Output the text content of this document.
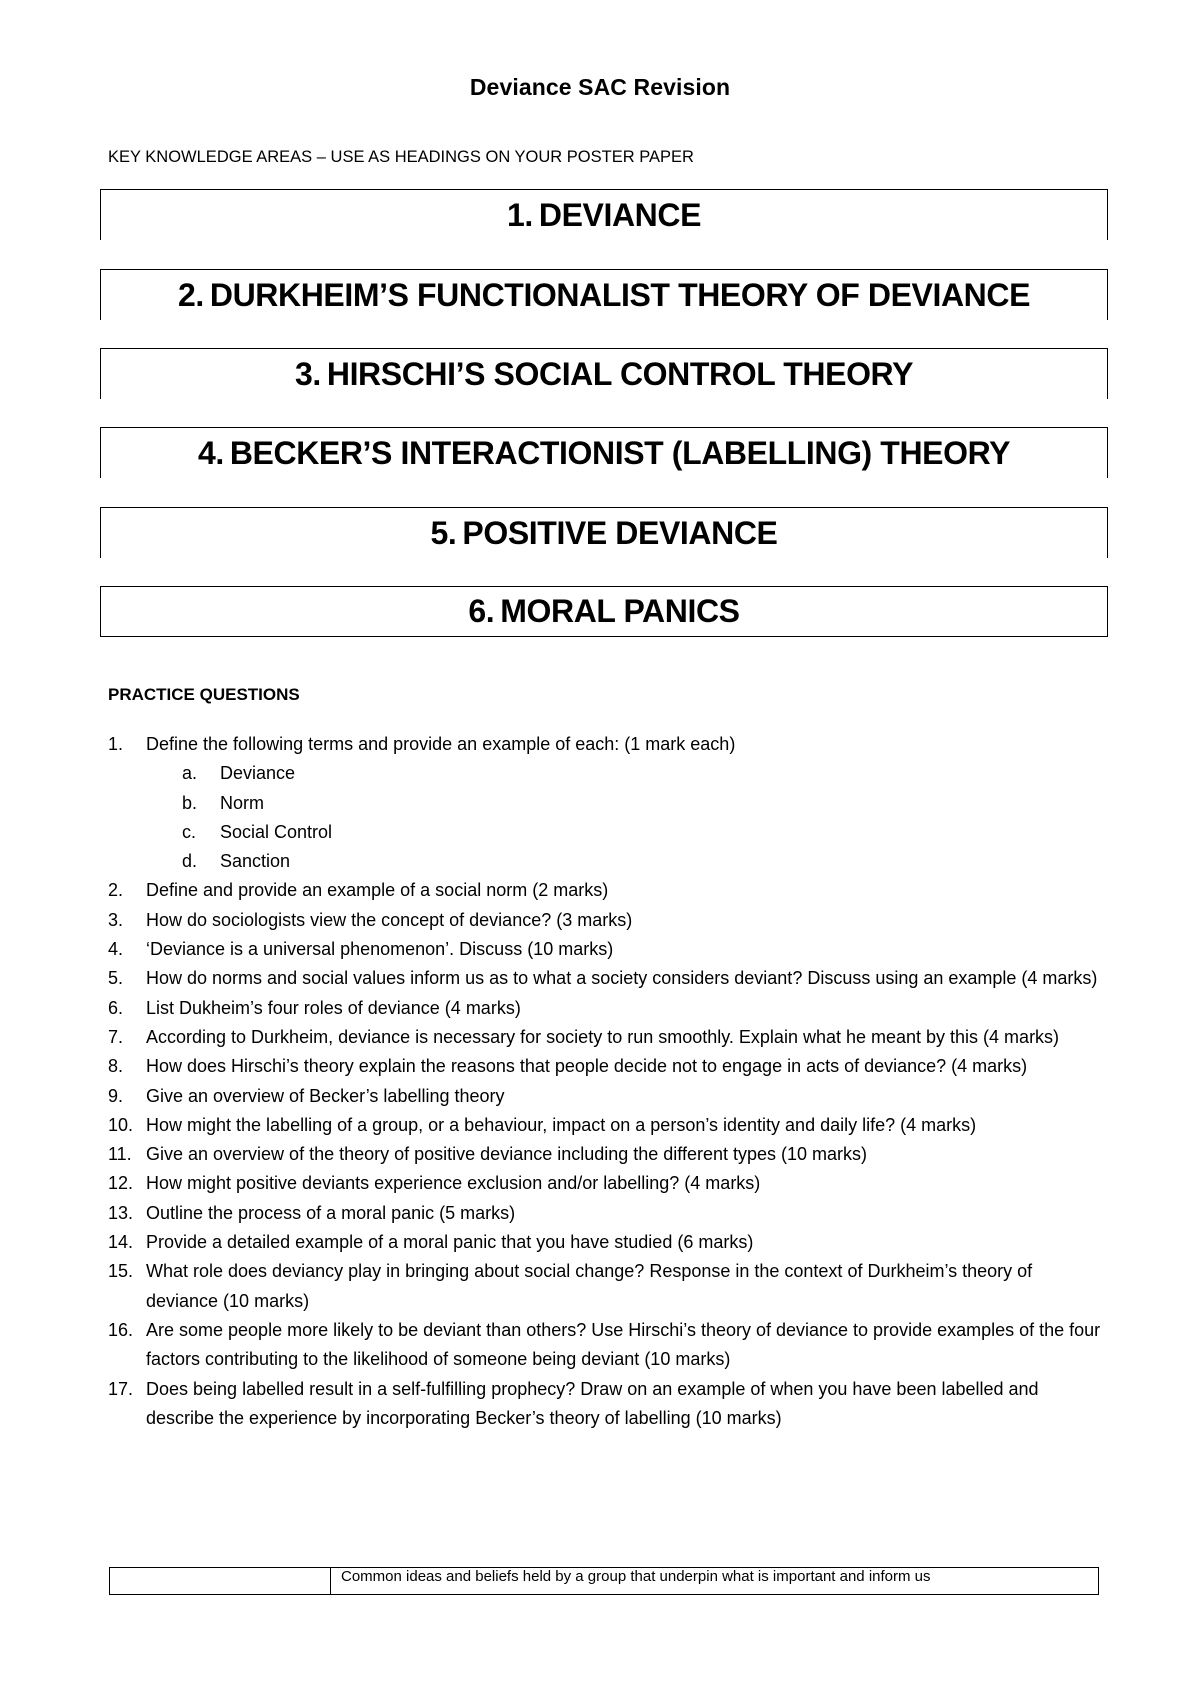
Deviance SAC Revision
KEY KNOWLEDGE AREAS – USE AS HEADINGS ON YOUR POSTER PAPER
1. DEVIANCE
2. DURKHEIM’S FUNCTIONALIST THEORY OF DEVIANCE
3. HIRSCHI’S SOCIAL CONTROL THEORY
4. BECKER’S INTERACTIONIST (LABELLING) THEORY
5. POSITIVE DEVIANCE
6. MORAL PANICS
PRACTICE QUESTIONS
1.	Define the following terms and provide an example of each: (1 mark each)
a.	Deviance
b.	Norm
c.	Social Control
d.	Sanction
2.	Define and provide an example of a social norm (2 marks)
3.	How do sociologists view the concept of deviance? (3 marks)
4.	‘Deviance is a universal phenomenon’. Discuss (10 marks)
5.	How do norms and social values inform us as to what a society considers deviant? Discuss using an example (4 marks)
6.	List Dukheim’s four roles of deviance (4 marks)
7.	According to Durkheim, deviance is necessary for society to run smoothly. Explain what he meant by this (4 marks)
8.	How does Hirschi’s theory explain the reasons that people decide not to engage in acts of deviance? (4 marks)
9.	Give an overview of Becker’s labelling theory
10. How might the labelling of a group, or a behaviour, impact on a person’s identity and daily life? (4 marks)
11. Give an overview of the theory of positive deviance including the different types (10 marks)
12. How might positive deviants experience exclusion and/or labelling? (4 marks)
13. Outline the process of a moral panic (5 marks)
14. Provide a detailed example of a moral panic that you have studied (6 marks)
15. What role does deviancy play in bringing about social change? Response in the context of Durkheim’s theory of deviance (10 marks)
16. Are some people more likely to be deviant than others? Use Hirschi’s theory of deviance to provide examples of the four factors contributing to the likelihood of someone being deviant (10 marks)
17. Does being labelled result in a self-fulfilling prophecy? Draw on an example of when you have been labelled and describe the experience by incorporating Becker’s theory of labelling (10 marks)
	Common ideas and beliefs held by a group that underpin what is important and inform us
